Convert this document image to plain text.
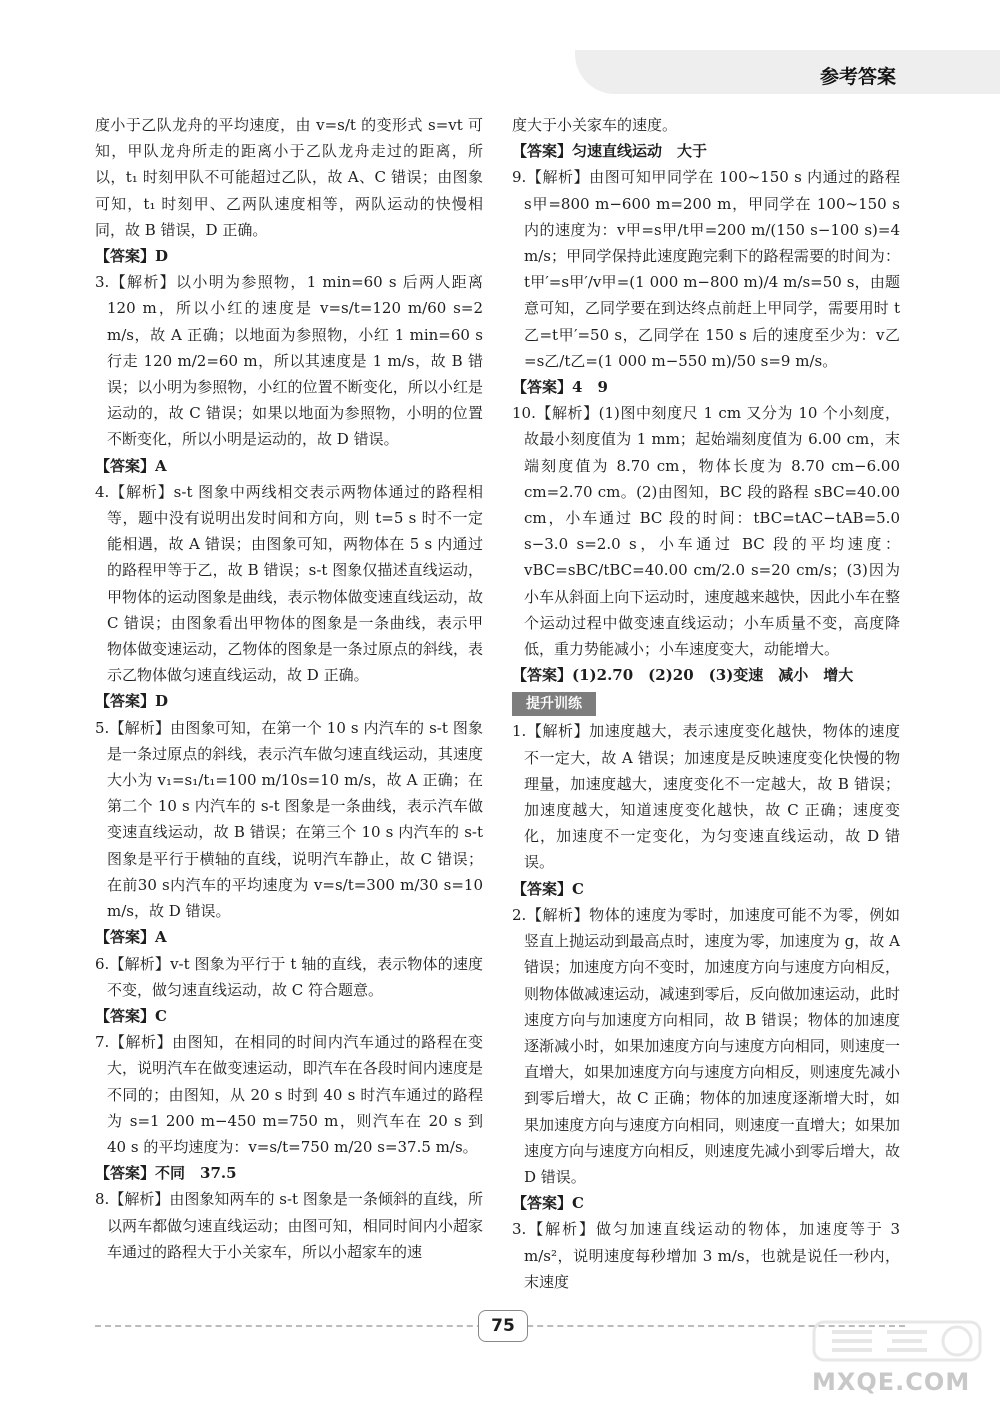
参考答案

度小于乙队龙舟的平均速度，由 v=s/t 的变形式 s=vt 可知，甲队龙舟所走的距离小于乙队龙舟走过的距离，所以，t₁ 时刻甲队不可能超过乙队，故 A、C 错误；由图象可知，t₁ 时刻甲、乙两队速度相等，两队运动的快慢相同，故 B 错误，D 正确。

【答案】D

3.【解析】以小明为参照物，1 min=60 s 后两人距离 120 m，所以小红的速度是 v=s/t=120 m/60 s=2 m/s，故 A 正确；以地面为参照物，小红 1 min=60 s 行走 120 m/2=60 m，所以其速度是 1 m/s，故 B 错误；以小明为参照物，小红的位置不断变化，所以小红是运动的，故 C 错误；如果以地面为参照物，小明的位置不断变化，所以小明是运动的，故 D 错误。

【答案】A

4.【解析】s-t 图象中两线相交表示两物体通过的路程相等，题中没有说明出发时间和方向，则 t=5 s 时不一定能相遇，故 A 错误；由图象可知，两物体在 5 s 内通过的路程甲等于乙，故 B 错误；s-t 图象仅描述直线运动，甲物体的运动图象是曲线，表示物体做变速直线运动，故 C 错误；由图象看出甲物体的图象是一条曲线，表示甲物体做变速运动，乙物体的图象是一条过原点的斜线，表示乙物体做匀速直线运动，故 D 正确。

【答案】D

5.【解析】由图象可知，在第一个 10 s 内汽车的 s-t 图象是一条过原点的斜线，表示汽车做匀速直线运动，其速度大小为 v₁=s₁/t₁=100 m/10s=10 m/s，故 A 正确；在第二个 10 s 内汽车的 s-t 图象是一条曲线，表示汽车做变速直线运动，故 B 错误；在第三个 10 s 内汽车的 s-t 图象是平行于横轴的直线，说明汽车静止，故 C 错误；在前30 s内汽车的平均速度为 v=s/t=300 m/30 s=10 m/s，故 D 错误。

【答案】A

6.【解析】v-t 图象为平行于 t 轴的直线，表示物体的速度不变，做匀速直线运动，故 C 符合题意。

【答案】C

7.【解析】由图知，在相同的时间内汽车通过的路程在变大，说明汽车在做变速运动，即汽车在各段时间内速度是不同的；由图知，从 20 s 时到 40 s 时汽车通过的路程为 s=1 200 m−450 m=750 m，则汽车在 20 s 到 40 s 的平均速度为：v=s/t=750 m/20 s=37.5 m/s。

【答案】不同　37.5

8.【解析】由图象知两车的 s-t 图象是一条倾斜的直线，所以两车都做匀速直线运动；由图可知，相同时间内小超家车通过的路程大于小关家车，所以小超家车的速

度大于小关家车的速度。

【答案】匀速直线运动　大于

9.【解析】由图可知甲同学在 100~150 s 内通过的路程 s甲=800 m−600 m=200 m，甲同学在 100~150 s 内的速度为：v甲=s甲/t甲=200 m/(150 s−100 s)=4 m/s；甲同学保持此速度跑完剩下的路程需要的时间为：t甲′=s甲′/v甲=(1 000 m−800 m)/4 m/s=50 s，由题意可知，乙同学要在到达终点前赶上甲同学，需要用时 t乙=t甲′=50 s，乙同学在 150 s 后的速度至少为：v乙=s乙/t乙=(1 000 m−550 m)/50 s=9 m/s。

【答案】4　9

10.【解析】(1)图中刻度尺 1 cm 又分为 10 个小刻度，故最小刻度值为 1 mm；起始端刻度值为 6.00 cm，末端刻度值为 8.70 cm，物体长度为 8.70 cm−6.00 cm=2.70 cm。(2)由图知，BC 段的路程 sBC=40.00 cm，小车通过 BC 段的时间：tBC=tAC−tAB=5.0 s−3.0 s=2.0 s，小车通过 BC 段的平均速度：vBC=sBC/tBC=40.00 cm/2.0 s=20 cm/s；(3)因为小车从斜面上向下运动时，速度越来越快，因此小车在整个运动过程中做变速直线运动；小车质量不变，高度降低，重力势能减小；小车速度变大，动能增大。

【答案】(1)2.70　(2)20　(3)变速　减小　增大

提升训练

1.【解析】加速度越大，表示速度变化越快，物体的速度不一定大，故 A 错误；加速度是反映速度变化快慢的物理量，加速度越大，速度变化不一定越大，故 B 错误；加速度越大，知道速度变化越快，故 C 正确；速度变化，加速度不一定变化，为匀变速直线运动，故 D 错误。

【答案】C

2.【解析】物体的速度为零时，加速度可能不为零，例如竖直上抛运动到最高点时，速度为零，加速度为 g，故 A 错误；加速度方向不变时，加速度方向与速度方向相反，则物体做减速运动，减速到零后，反向做加速运动，此时速度方向与加速度方向相同，故 B 错误；物体的加速度逐渐减小时，如果加速度方向与速度方向相同，则速度一直增大，如果加速度方向与速度方向相反，则速度先减小到零后增大，故 C 正确；物体的加速度逐渐增大时，如果加速度方向与速度方向相同，则速度一直增大；如果加速度方向与速度方向相反，则速度先减小到零后增大，故 D 错误。

【答案】C

3.【解析】做匀加速直线运动的物体，加速度等于 3 m/s²，说明速度每秒增加 3 m/s，也就是说任一秒内，末速度

75
MXQE.COM
